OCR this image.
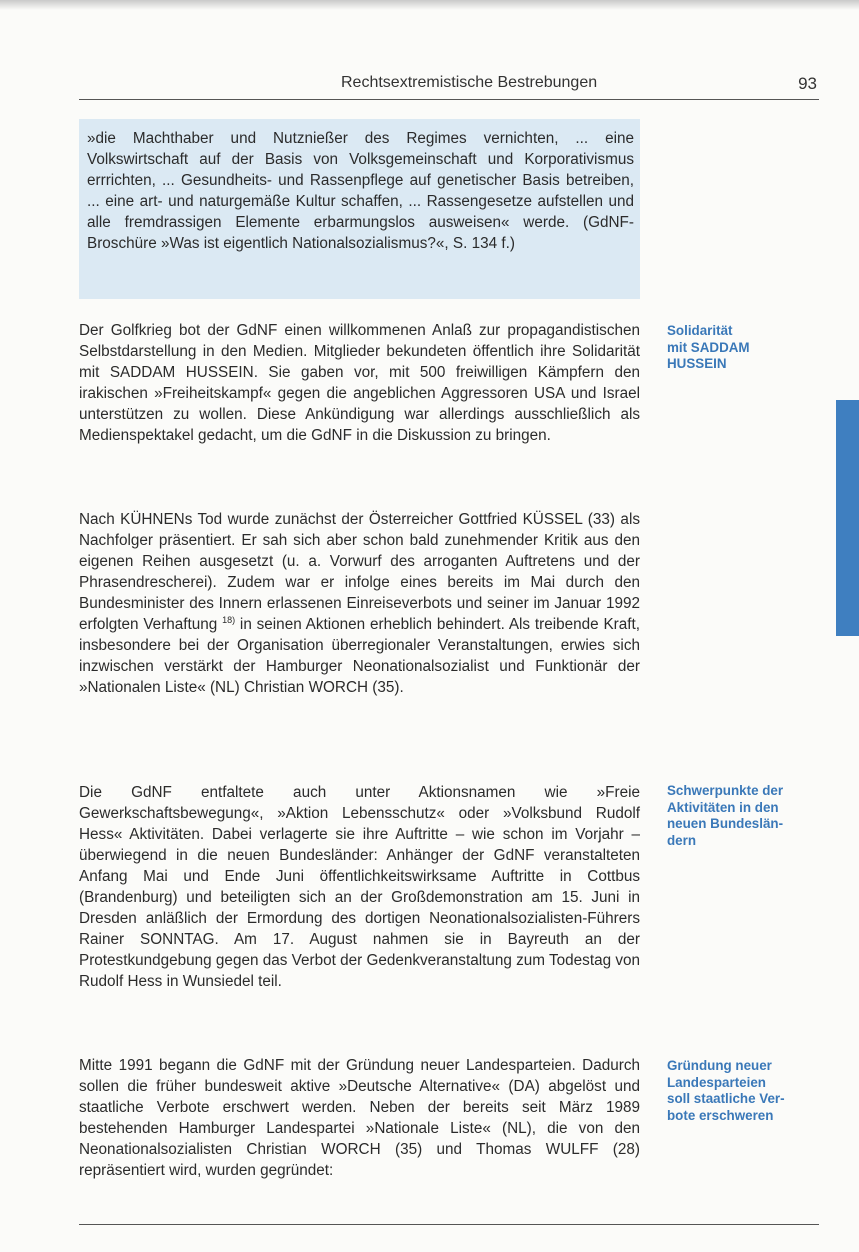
Rechtsextremistische Bestrebungen	93
»die Machthaber und Nutznießer des Regimes vernichten, ... eine Volkswirtschaft auf der Basis von Volksgemeinschaft und Korporativismus errrichten, ... Gesundheits- und Rassenpflege auf genetischer Basis betreiben, ... eine art- und naturgemäße Kultur schaffen, ... Rassengesetze aufstellen und alle fremdrassigen Elemente erbarmungslos ausweisen« werde. (GdNF-Broschüre »Was ist eigentlich Nationalsozialismus?«, S. 134 f.)
Der Golfkrieg bot der GdNF einen willkommenen Anlaß zur propagandistischen Selbstdarstellung in den Medien. Mitglieder bekundeten öffentlich ihre Solidarität mit SADDAM HUSSEIN. Sie gaben vor, mit 500 freiwilligen Kämpfern den irakischen »Freiheitskampf« gegen die angeblichen Aggressoren USA und Israel unterstützen zu wollen. Diese Ankündigung war allerdings ausschließlich als Medienspektakel gedacht, um die GdNF in die Diskussion zu bringen.
Nach KÜHNENs Tod wurde zunächst der Österreicher Gottfried KÜSSEL (33) als Nachfolger präsentiert. Er sah sich aber schon bald zunehmender Kritik aus den eigenen Reihen ausgesetzt (u. a. Vorwurf des arroganten Auftretens und der Phrasendrescherei). Zudem war er infolge eines bereits im Mai durch den Bundesminister des Innern erlassenen Einreiseverbots und seiner im Januar 1992 erfolgten Verhaftung $^{18)}$ in seinen Aktionen erheblich behindert. Als treibende Kraft, insbesondere bei der Organisation überregionaler Veranstaltungen, erwies sich inzwischen verstärkt der Hamburger Neonationalsozialist und Funktionär der »Nationalen Liste« (NL) Christian WORCH (35).
Die GdNF entfaltete auch unter Aktionsnamen wie »Freie Gewerkschaftsbewegung«, »Aktion Lebensschutz« oder »Volksbund Rudolf Hess« Aktivitäten. Dabei verlagerte sie ihre Auftritte – wie schon im Vorjahr – überwiegend in die neuen Bundesländer: Anhänger der GdNF veranstalteten Anfang Mai und Ende Juni öffentlichkeitswirksame Auftritte in Cottbus (Brandenburg) und beteiligten sich an der Großdemonstration am 15. Juni in Dresden anläßlich der Ermordung des dortigen Neonationalsozialisten-Führers Rainer SONNTAG. Am 17. August nahmen sie in Bayreuth an der Protestkundgebung gegen das Verbot der Gedenkveranstaltung zum Todestag von Rudolf Hess in Wunsiedel teil.
Mitte 1991 begann die GdNF mit der Gründung neuer Landesparteien. Dadurch sollen die früher bundesweit aktive »Deutsche Alternative« (DA) abgelöst und staatliche Verbote erschwert werden. Neben der bereits seit März 1989 bestehenden Hamburger Landespartei »Nationale Liste« (NL), die von den Neonationalsozialisten Christian WORCH (35) und Thomas WULFF (28) repräsentiert wird, wurden gegründet:
Solidarität
mit SADDAM
HUSSEIN
Schwerpunkte der
Aktivitäten in den
neuen Bundeslän-
dern
Gründung neuer
Landesparteien
soll staatliche Ver-
bote erschweren
